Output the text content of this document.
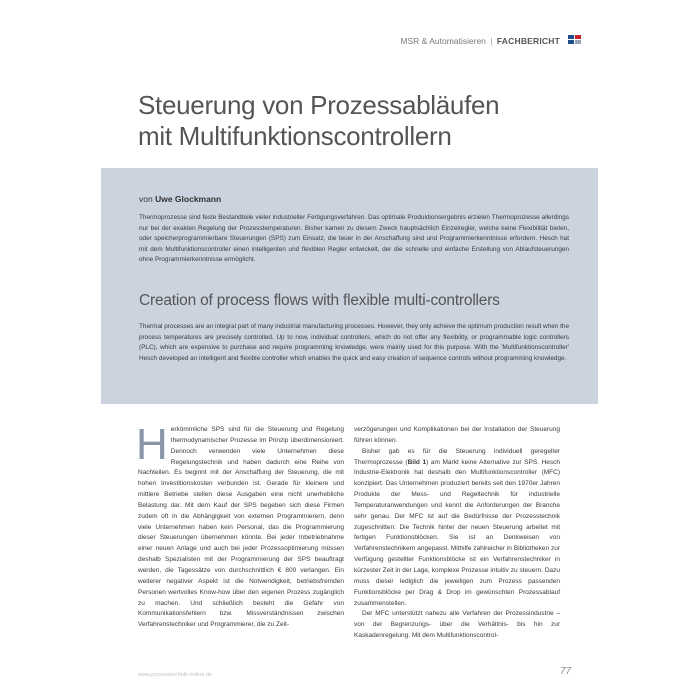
MSR & Automatisieren | FACHBERICHT
Steuerung von Prozessabläufen
mit Multifunktionscontrollern
von Uwe Glockmann
Thermoprozesse sind feste Bestandteile vieler industrieller Fertigungsverfahren. Das optimale Produktionsergebnis erzielen Thermoprozesse allerdings nur bei der exakten Regelung der Prozesstemperaturen. Bisher kamen zu diesem Zweck hauptsächlich Einzelregler, welche keine Flexibilität bieten, oder speicherprogrammierbare Steuerungen (SPS) zum Einsatz, die teuer in der Anschaffung sind und Programmierkenntnisse erfordern. Hesch hat mit dem Multifunktionscontroller einen intelligenten und flexiblen Regler entwickelt, der die schnelle und einfache Erstellung von Ablaufsteuerungen ohne Programmierkenntnisse ermöglicht.
Creation of process flows with flexible multi-controllers
Thermal processes are an integral part of many industrial manufacturing processes. However, they only achieve the optimum production result when the process temperatures are precisely controlled. Up to now, individual controllers, which do not offer any flexibility, or programmable logic controllers (PLC), which are expensive to purchase and require programming knowledge, were mainly used for this purpose. With the 'Multifunktionscontroller' Hesch developed an intelligent and flexible controller which enables the quick and easy creation of sequence controls without programming knowledge.

Herkömmliche SPS sind für die Steuerung und Regelung thermodynamischer Prozesse im Prinzip überdimensioniert. Dennoch verwenden viele Unternehmen diese Regelungstechnik und haben dadurch eine Reihe von Nachteilen. Es beginnt mit der Anschaffung der Steuerung, die mit hohen Investitionskosten verbunden ist. Gerade für kleinere und mittlere Betriebe stellen diese Ausgaben eine nicht unerhebliche Belastung dar. Mit dem Kauf der SPS begeben sich diese Firmen zudem oft in die Abhängigkeit von externen Programmierern, denn viele Unternehmen haben kein Personal, das die Programmierung dieser Steuerungen übernehmen könnte. Bei jeder Inbetriebnahme einer neuen Anlage und auch bei jeder Prozessoptimierung müssen deshalb Spezialisten mit der Programmierung der SPS beauftragt werden, die Tagessätze von durchschnittlich € 800 verlangen. Ein weiterer negativer Aspekt ist die Notwendigkeit, betriebsfremden Personen wertvolles Know-how über den eigenen Prozess zugänglich zu machen. Und schließlich besteht die Gefahr von Kommunikationsfehlern bzw. Missverständnissen zwischen Verfahrenstechniker und Programmierer, die zu Zeit-

verzögerungen und Komplikationen bei der Installation der Steuerung führen können.

Bisher gab es für die Steuerung individuell geregelter Thermoprozesse (Bild 1) am Markt keine Alternative zur SPS. Hesch Industrie-Elektronik hat deshalb den Multifunktionscontroller (MFC) konzipiert. Das Unternehmen produziert bereits seit den 1970er Jahren Produkte der Mess- und Regeltechnik für industrielle Temperaturanwendungen und kennt die Anforderungen der Branche sehr genau. Der MFC ist auf die Bedürfnisse der Prozesstechnik zugeschnitten: Die Technik hinter der neuen Steuerung arbeitet mit fertigen Funktionsblöcken. Sie ist an Denkweisen von Verfahrenstechnikern angepasst. Mithilfe zahlreicher in Bibliotheken zur Verfügung gestellter Funktionsblöcke ist ein Verfahrenstechniker in kürzester Zeit in der Lage, komplexe Prozesse intuitiv zu steuern. Dazu muss dieser lediglich die jeweiligen zum Prozess passenden Funktionsblöcke per Drag & Drop im gewünschten Prozessablauf zusammenstellen.

Der MFC unterstützt nahezu alle Verfahren der Prozessindustrie – von der Begrenzungs- über die Verhältnis- bis hin zur Kaskadenregelung. Mit dem Multifunktionscontrol-

www.prozesstechnik-online.de	77
